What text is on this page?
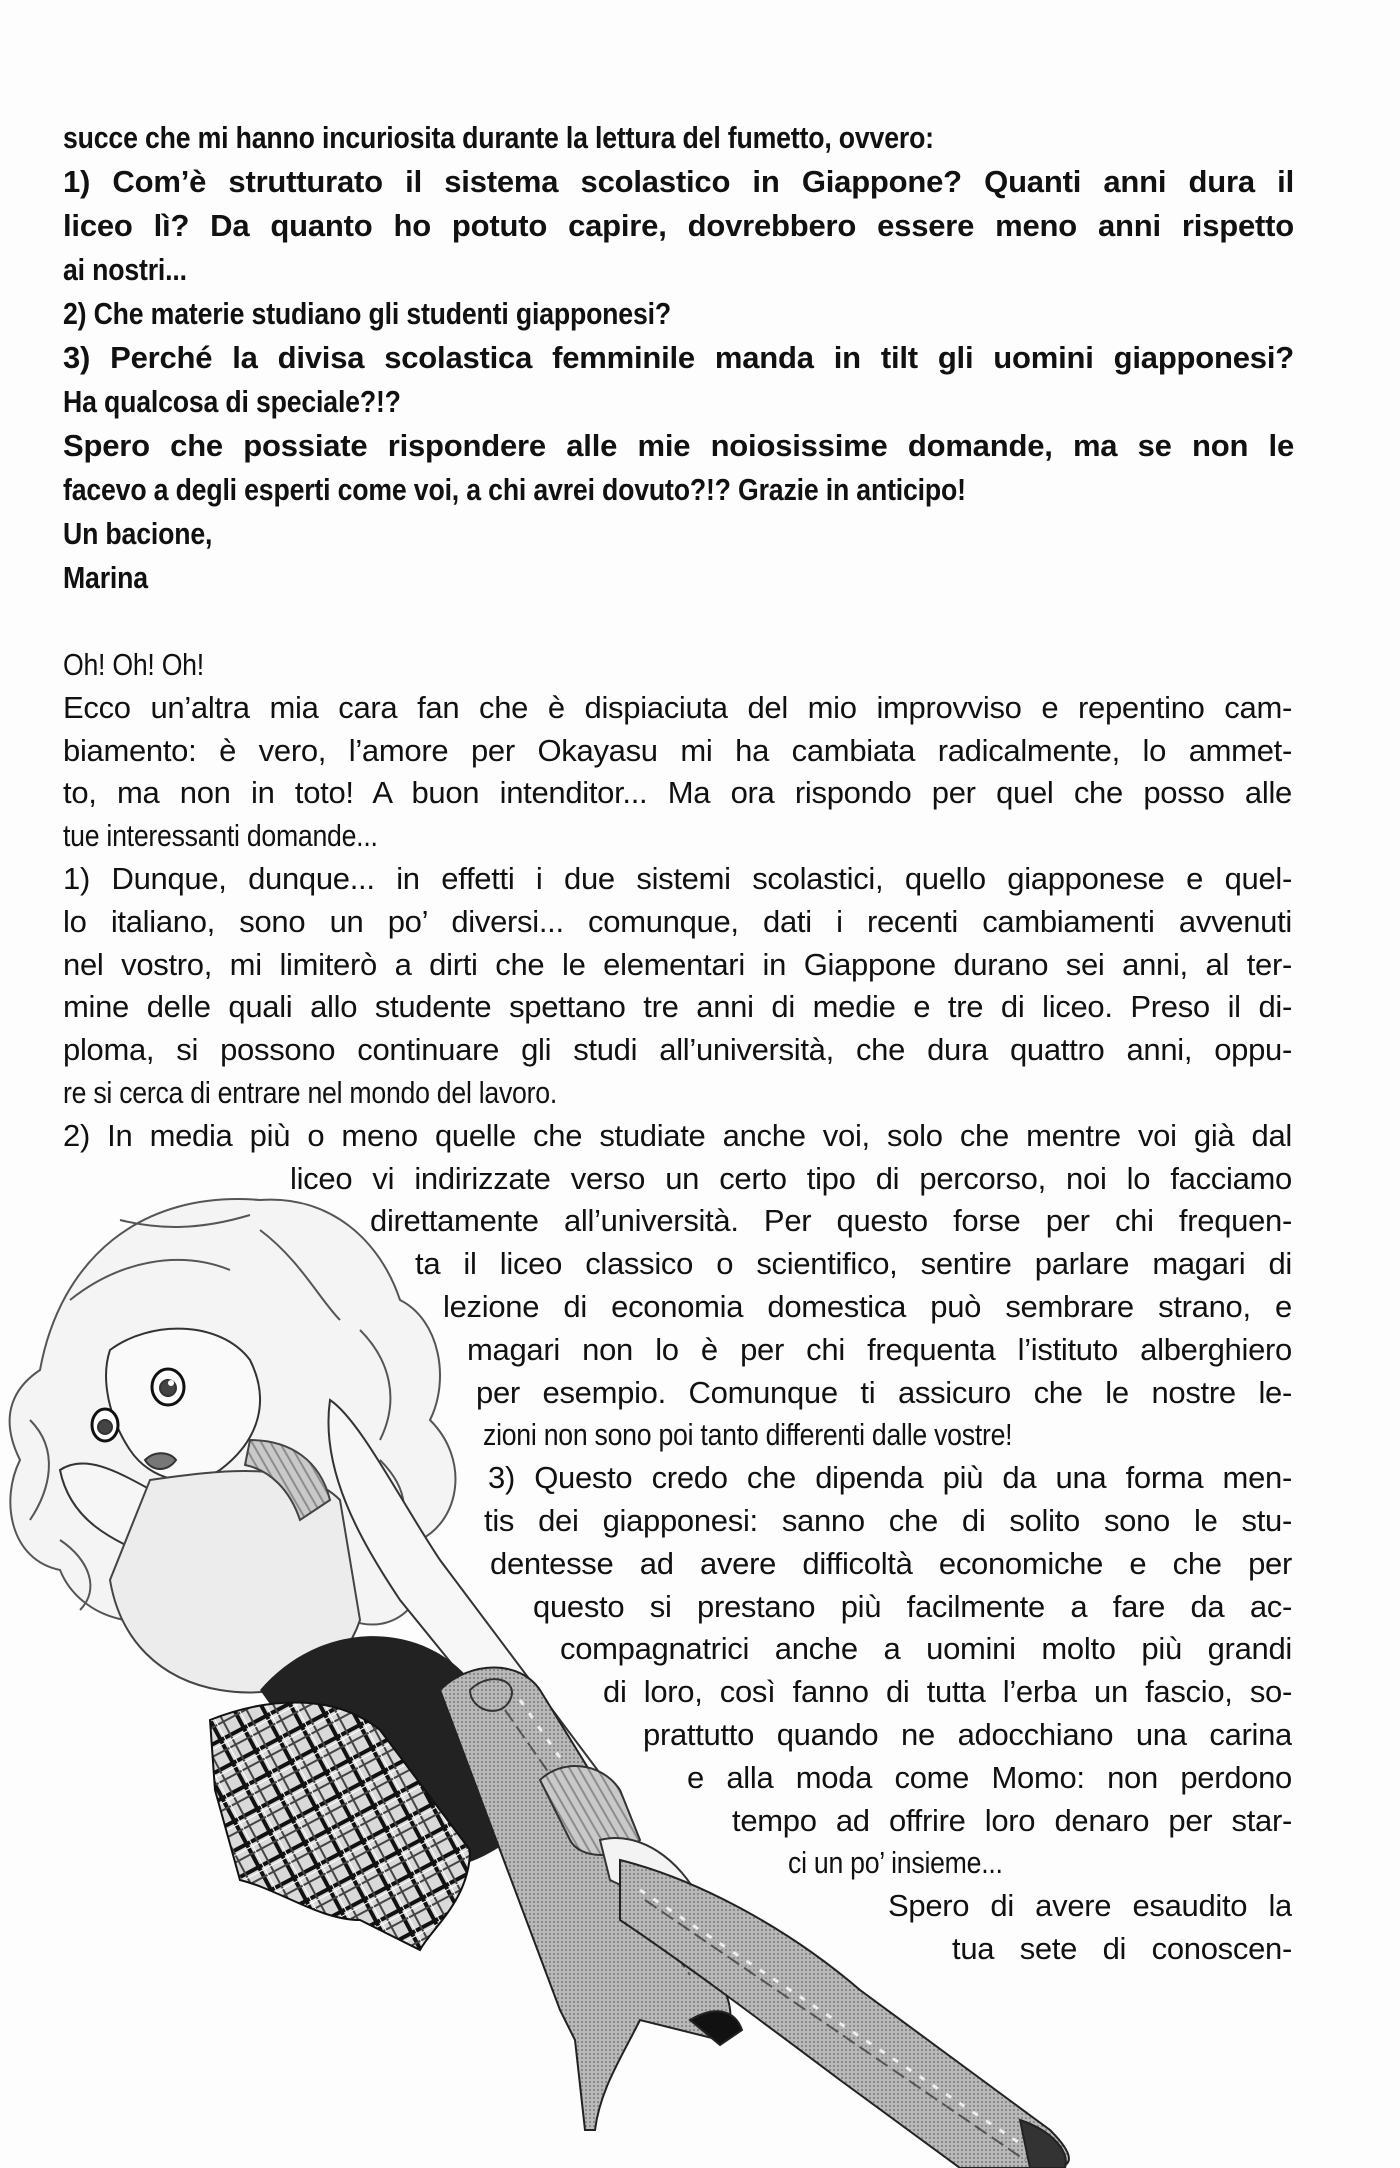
succe che mi hanno incuriosita durante la lettura del fumetto, ovvero:
1) Com’è strutturato il sistema scolastico in Giappone? Quanti anni dura il
liceo lì? Da quanto ho potuto capire, dovrebbero essere meno anni rispetto
ai nostri...
2) Che materie studiano gli studenti giapponesi?
3) Perché la divisa scolastica femminile manda in tilt gli uomini giapponesi?
Ha qualcosa di speciale?!?
Spero che possiate rispondere alle mie noiosissime domande, ma se non le
facevo a degli esperti come voi, a chi avrei dovuto?!? Grazie in anticipo!
Un bacione,
Marina
Oh! Oh! Oh!
Ecco un’altra mia cara fan che è dispiaciuta del mio improvviso e repentino cam-
biamento: è vero, l’amore per Okayasu mi ha cambiata radicalmente, lo ammet-
to, ma non in toto! A buon intenditor... Ma ora rispondo per quel che posso alle
tue interessanti domande...
1) Dunque, dunque... in effetti i due sistemi scolastici, quello giapponese e quel-
lo italiano, sono un po’ diversi... comunque, dati i recenti cambiamenti avvenuti
nel vostro, mi limiterò a dirti che le elementari in Giappone durano sei anni, al ter-
mine delle quali allo studente spettano tre anni di medie e tre di liceo. Preso il di-
ploma, si possono continuare gli studi all’università, che dura quattro anni, oppu-
re si cerca di entrare nel mondo del lavoro.
2) In media più o meno quelle che studiate anche voi, solo che mentre voi già dal
liceo vi indirizzate verso un certo tipo di percorso, noi lo facciamo
direttamente all’università. Per questo forse per chi frequen-
ta il liceo classico o scientifico, sentire parlare magari di
lezione di economia domestica può sembrare strano, e
magari non lo è per chi frequenta l’istituto alberghiero
per esempio. Comunque ti assicuro che le nostre le-
zioni non sono poi tanto differenti dalle vostre!
3) Questo credo che dipenda più da una forma men-
tis dei giapponesi: sanno che di solito sono le stu-
dentesse ad avere difficoltà economiche e che per
questo si prestano più facilmente a fare da ac-
compagnatrici anche a uomini molto più grandi
di loro, così fanno di tutta l’erba un fascio, so-
prattutto quando ne adocchiano una carina
e alla moda come Momo: non perdono
tempo ad offrire loro denaro per star-
ci un po’ insieme...
Spero di avere esaudito la
tua sete di conoscen-
